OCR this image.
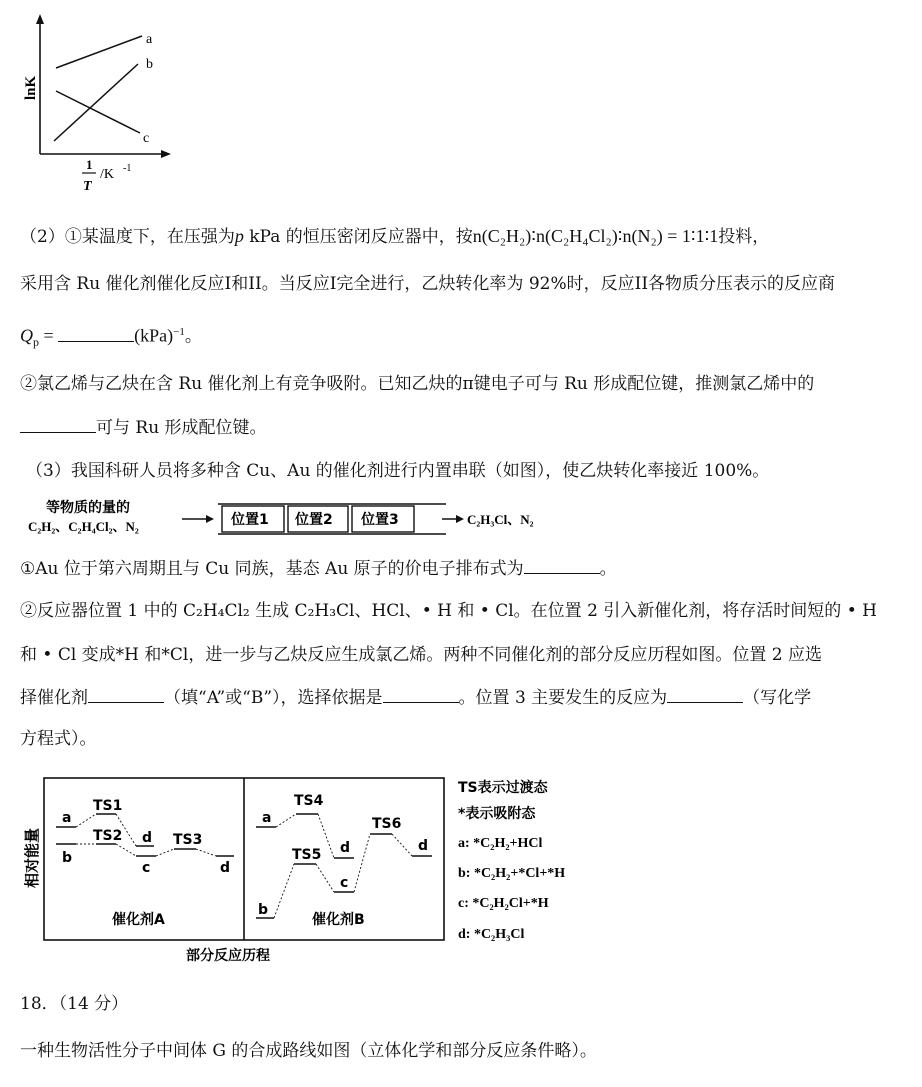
a
b
c
lnK
1
T
/K -1
（2）①某温度下，在压强为p kPa 的恒压密闭反应器中，按n(C₂H₂)∶n(C₂H₄Cl₂)∶n(N₂) = 1∶1∶1投料，
采用含 Ru 催化剂催化反应I和II。当反应I完全进行，乙炔转化率为 92%时，反应II各物质分压表示的反应商
$Q_p$ =	(kPa)$^{-1}$。
②氯乙烯与乙炔在含 Ru 催化剂上有竞争吸附。已知乙炔的π键电子可与 Ru 形成配位键，推测氯乙烯中的
可与 Ru 形成配位键。
（3）我国科研人员将多种含 Cu、Au 的催化剂进行内置串联（如图），使乙炔转化率接近 100%。
等物质的量的
C₂H₂、C₂H₄Cl₂、N₂	位置1 位置2 位置3	C₂H₃Cl、N₂
①Au 位于第六周期且与 Cu 同族，基态 Au 原子的价电子排布式为	。
②反应器位置 1 中的 C₂H₄Cl₂ 生成 C₂H₃Cl、HCl、• H 和 • Cl。在位置 2 引入新催化剂，将存活时间短的 • H
和 • Cl 变成*H 和*Cl，进一步与乙炔反应生成氯乙烯。两种不同催化剂的部分反应历程如图。位置 2 应选
择催化剂	（填“A”或“B”），选择依据是	。位置 3 主要发生的反应为	（写化学
方程式）。
相对能量
a
b
TS1
TS2 d
c
TS3
d
催化剂A
a
TS4
d
TS5
c
TS6
d
b
催化剂B
部分反应历程
TS表示过渡态
*表示吸附态
a: *C₂H₂+HCl
b: *C₂H₂+*Cl+*H
c: *C₂H₂Cl+*H
d: *C₂H₃Cl
18．（14 分）
一种生物活性分子中间体 G 的合成路线如图（立体化学和部分反应条件略）。
